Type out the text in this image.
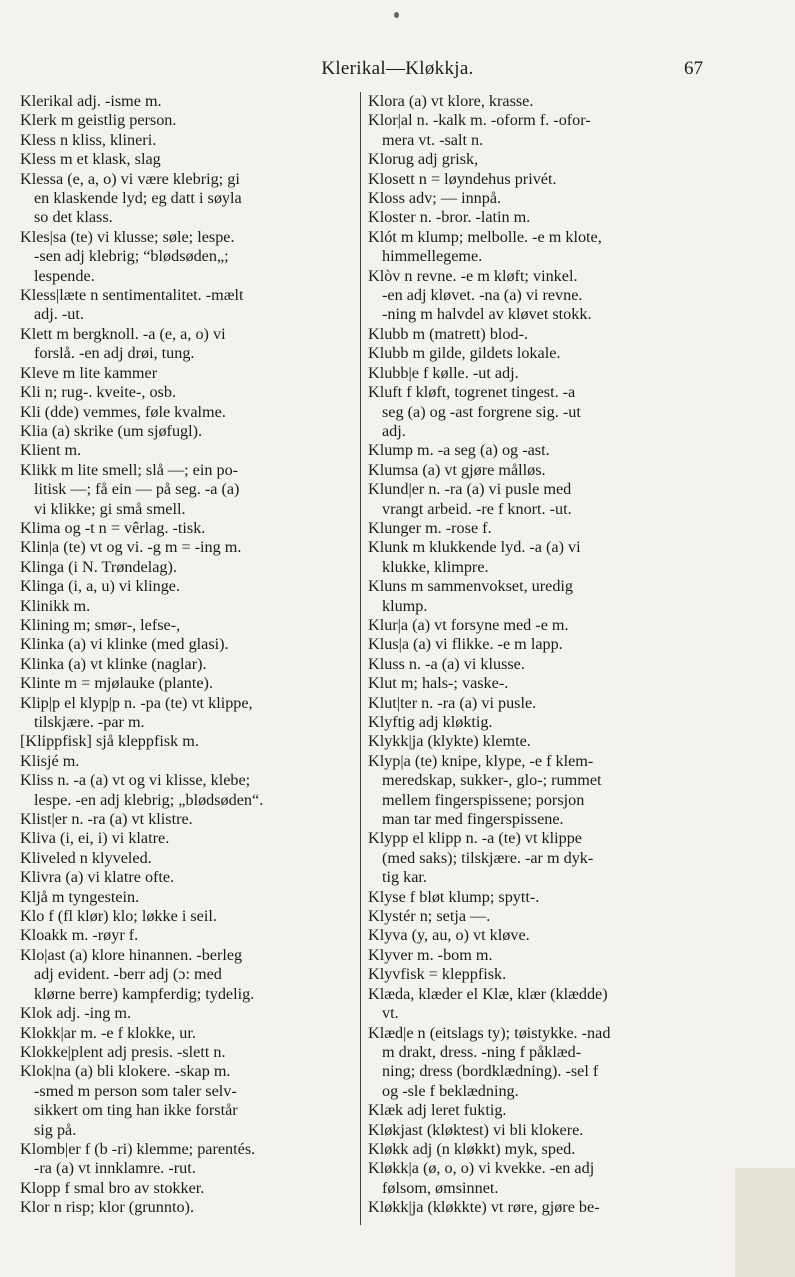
Klerikal—Kløkkja.	67
Klerikal adj. -isme m.
Klerk m geistlig person.
Kless n kliss, klineri.
Kless m et klask, slag
Klessa (e, a, o) vi være klebrig; gi
en klaskende lyd; eg datt i søyla
so det klass.
Kles|sa (te) vi klusse; søle; lespe.
-sen adj klebrig; “bløds‌øden„;
lespende.
Kless|læte n sentimentalitet. -mælt
adj. -ut.
Klett m bergknoll. -a (e, a, o) vi
forslå. -en adj drøi, tung.
Kleve m lite kammer
Kli n; rug-. kveite-, osb.
Kli (dde) vemmes, føle kvalme.
Klia (a) skrike (um sjøfugl).
Klient m.
Klikk m lite smell; slå —; ein po-
litisk —; få ein — på seg. -a (a)
vi klikke; gi små smell.
Klima og -t n = vêrlag. -tisk.
Klin|a (te) vt og vi. -g m = -ing m.
Klinga (i N. Trøndelag).
Klinga (i, a, u) vi klinge.
Klinikk m.
Klining m; smør-, lefse-,
Klinka (a) vi klinke (med glasi).
Klinka (a) vt klinke (naglar).
Klinte m = mjølauke (plante).
Klip|p el klyp|p n. -pa (te) vt klippe,
tilskjære. -par m.
[Klippfisk] sjå kleppfisk m.
Klisjé m.
Kliss n. -a (a) vt og vi klisse, klebe;
lespe. -en adj klebrig; „blødsøden“.
Klist|er n. -ra (a) vt klistre.
Kliva (i, ei, i) vi klatre.
Kliveled n klyveled.
Klivra (a) vi klatre ofte.
Kljå m tyngestein.
Klo f (fl klør) klo; løkke i seil.
Kloakk m. -røyr f.
Klo|ast (a) klore hinannen. -berleg
adj evident. -berr adj (ɔ: med
klørne berre) kampferdig; tydelig.
Klok adj. -ing m.
Klokk|ar m. -e f klokke, ur.
Klokke|plent adj presis. -slett n.
Klok|na (a) bli klokere. -skap m.
-smed m person som taler selv-
sikkert om ting han ikke forstår
sig på.
Klomb|er f (b -ri) klemme; parentés.
-ra (a) vt innklamre. -rut.
Klopp f smal bro av stokker.
Klor n risp; klor (grunnto).
Klora (a) vt klore, krasse.
Klor|al n. -kalk m. -oform f. -ofor-
mera vt. -salt n.
Klorug adj grisk,
Klosett n = løyndehus privét.
Kloss adv; — innpå.
Kloster n. -bror. -latin m.
Klót m klump; melbolle. -e m klote,
himmellegeme.
Klòv n revne. -e m kløft; vinkel.
-en adj kløvet. -na (a) vi revne.
-ning m halvdel av kløvet stokk.
Klubb m (matrett) blod-.
Klubb m gilde, gildets lokale.
Klubb|e f kølle. -ut adj.
Kluft f kløft, togrenet tingest. -a
seg (a) og -ast forgrene sig. -ut
adj.
Klump m. -a seg (a) og -ast.
Klumsa (a) vt gjøre målløs.
Klund|er n. -ra (a) vi pusle med
vrangt arbeid. -re f knort. -ut.
Klunger m. -rose f.
Klunk m klukkende lyd. -a (a) vi
klukke, klimpre.
Kluns m sammenvokset, uredig
klump.
Klur|a (a) vt forsyne med -e m.
Klus|a (a) vi flikke. -e m lapp.
Kluss n. -a (a) vi klusse.
Klut m; hals-; vaske-.
Klut|ter n. -ra (a) vi pusle.
Klyftig adj kløktig.
Klykk|ja (klykte) klemte.
Klyp|a (te) knipe, klype, -e f klem-
meredskap, sukker-, glo-; rummet
mellem fingerspissene; porsjon
man tar med fingerspissene.
Klypp el klipp n. -a (te) vt klippe
(med saks); tilskjære. -ar m dyk-
tig kar.
Klyse f bløt klump; spytt-.
Klystér n; setja —.
Klyva (y, au, o) vt kløve.
Klyver m. -bom m.
Klyvfisk = kleppfisk.
Klæda, klæder el Klæ, klær (klædde)
vt.
Klæd|e n (eitslags ty); tøistykke. -nad
m drakt, dress. -ning f påklæd-
ning; dress (bordklædning). -sel f
og -sle f beklædning.
Klæk adj leret fuktig.
Kløkjast (kløktest) vi bli klokere.
Kløkk adj (n kløkkt) myk, sped.
Kløkk|a (ø, o, o) vi kvekke. -en adj
følsom, ømsinnet.
Kløkk|ja (kløkkte) vt røre, gjøre be-
